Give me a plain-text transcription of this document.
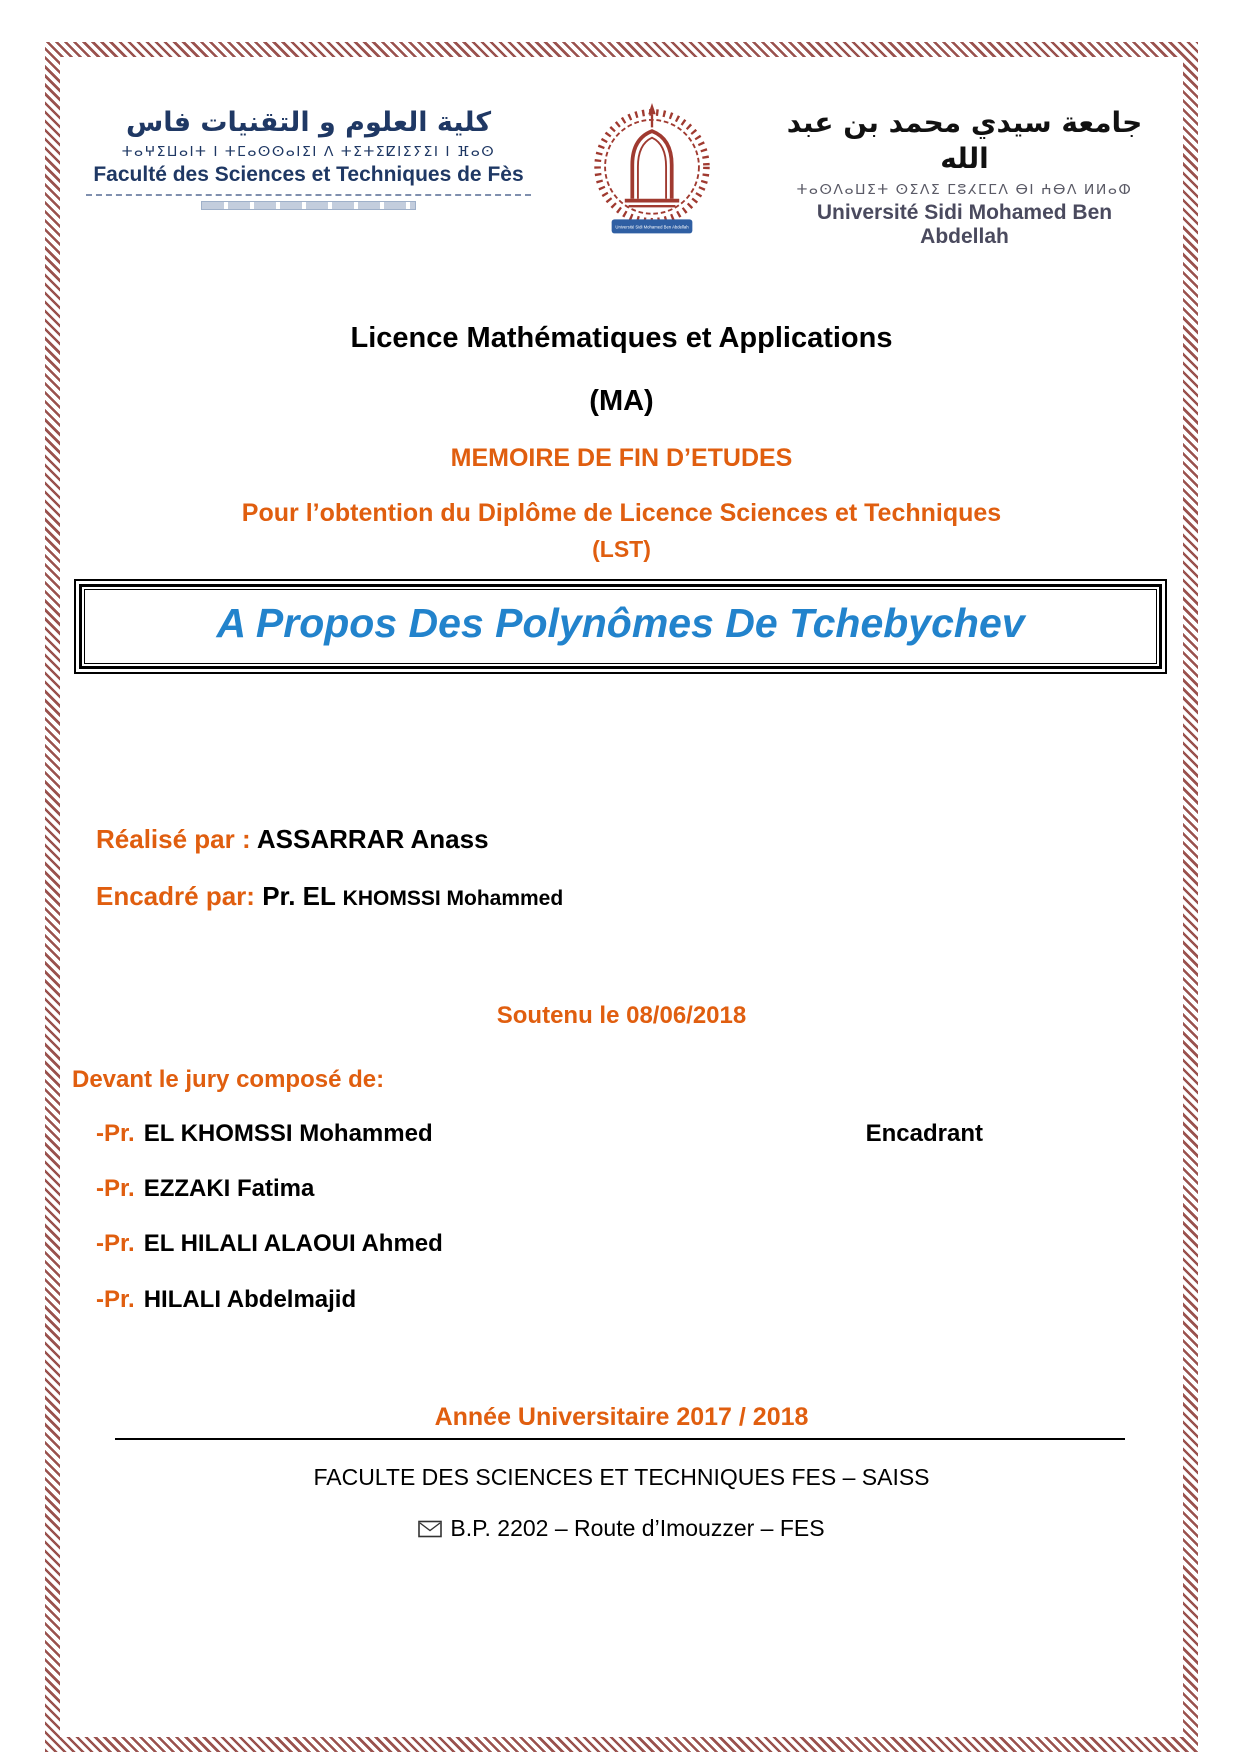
كلية العلوم و التقنيات فاس
ⵜⴰⵖⵉⵡⴰⵏⵜ ⵏ ⵜⵎⴰⵙⵙⴰⵏⵉⵏ ⴷ ⵜⵉⵜⵉⵇⵏⵉⵢⵉⵏ ⵏ ⴼⴰⵙ
Faculté des Sciences et Techniques de Fès
Université Sidi Mohamed Ben Abdellah
جامعة سيدي محمد بن عبد الله
ⵜⴰⵙⴷⴰⵡⵉⵜ ⵙⵉⴷⵉ ⵎⵓⵃⵎⵎⴷ ⴱⵏ ⵄⴱⴷ ⵍⵍⴰⵀ
Université Sidi Mohamed Ben Abdellah
Licence Mathématiques et Applications
(MA)
MEMOIRE DE FIN D’ETUDES
Pour l’obtention du Diplôme de Licence Sciences et Techniques
(LST)
A Propos Des Polynômes De Tchebychev
Réalisé par : ASSARRAR Anass
Encadré par: Pr. EL KHOMSSI Mohammed
Soutenu le 08/06/2018
Devant le jury composé de:
-Pr. EL KHOMSSI Mohammed	Encadrant
-Pr. EZZAKI Fatima
-Pr. EL HILALI ALAOUI Ahmed
-Pr. HILALI Abdelmajid
Année Universitaire 2017 / 2018
FACULTE DES SCIENCES ET TECHNIQUES FES – SAISS
B.P. 2202 – Route d’Imouzzer – FES
